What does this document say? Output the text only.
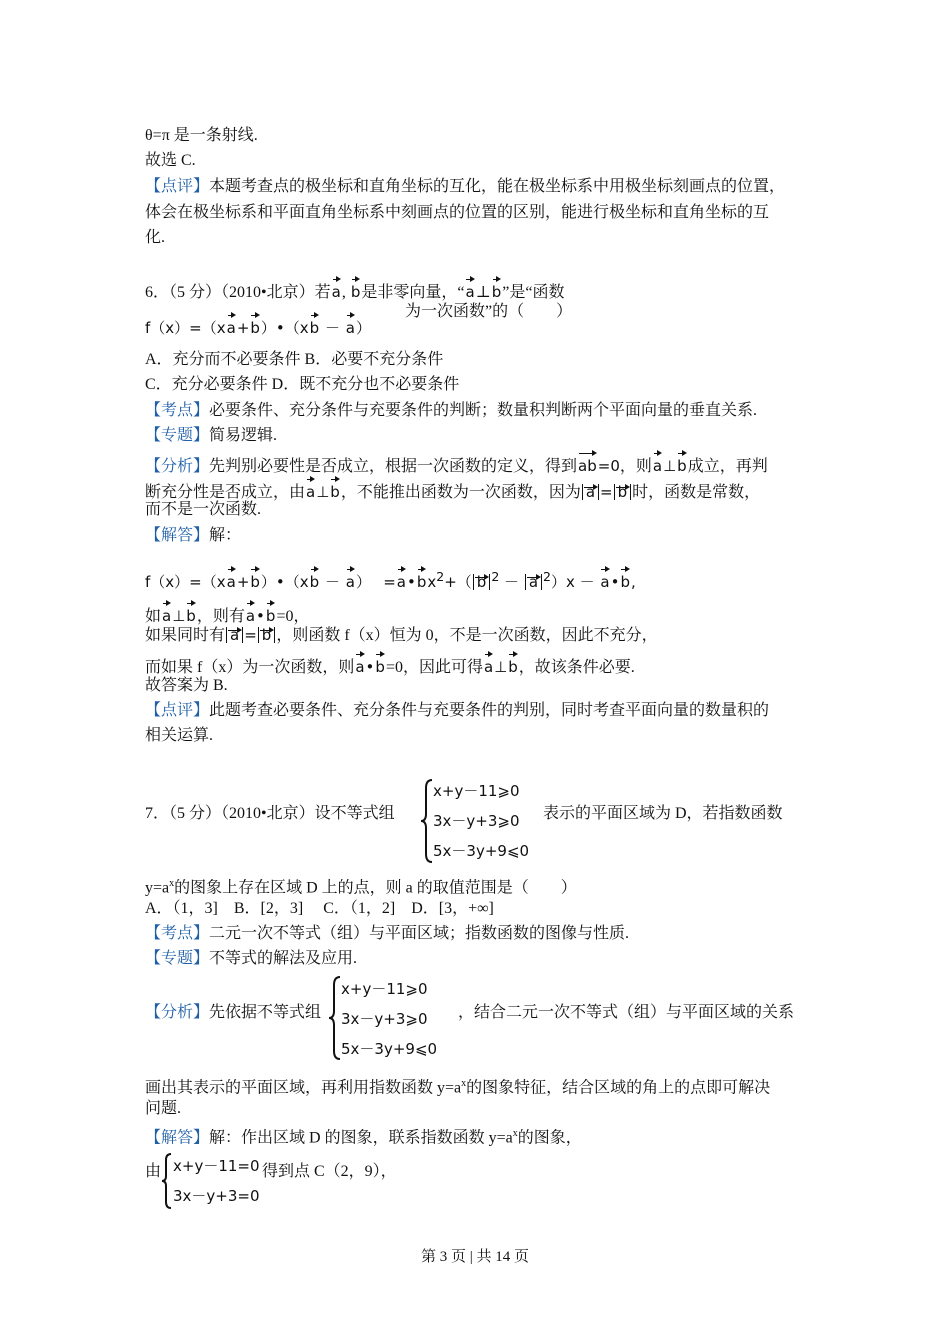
θ=π 是一条射线.
故选 C.
【点评】本题考查点的极坐标和直角坐标的互化，能在极坐标系中用极坐标刻画点的位置，
体会在极坐标系和平面直角坐标系中刻画点的位置的区别，能进行极坐标和直角坐标的互
化.
6．（5 分）（2010•北京）若a, b是非零向量，“a⊥b”是“函数
f（x）=（xa+b）•（xb － a）
为一次函数”的（　　）
A．充分而不必要条件 B．必要不充分条件
C．充分必要条件 D．既不充分也不必要条件
【考点】必要条件、充分条件与充要条件的判断；数量积判断两个平面向量的垂直关系.
【专题】简易逻辑.
【分析】先判别必要性是否成立，根据一次函数的定义，得到ab=0，则a⊥b成立，再判
断充分性是否成立，由a⊥b，不能推出函数为一次函数，因为 a = b 时，函数是常数，
而不是一次函数.
【解答】解：
f（x）=（xa+b）•（xb － a）　 $=a•bx^2+$（ b $^2$ － a $^2$）x － a•b,
如a⊥b，则有a•b=0，
如果同时有 a = b ，则函数 f（x）恒为 0，不是一次函数，因此不充分，
而如果 f（x）为一次函数，则a•b=0，因此可得a⊥b，故该条件必要.
故答案为 B.
【点评】此题考查必要条件、充分条件与充要条件的判别，同时考查平面向量的数量积的
相关运算.
7．（5 分）（2010•北京）设不等式组
x+y－11⩾0
3x－y+3⩾0
5x－3y+9⩽0
表示的平面区域为 D，若指数函数
$y=a^x$的图象上存在区域 D 上的点，则 a 的取值范围是（　　）
A．（1，3]　B．[2，3]　 C．（1，2]　D．[3，+∞]
【考点】二元一次不等式（组）与平面区域；指数函数的图像与性质.
【专题】不等式的解法及应用.
【分析】先依据不等式组
x+y－11⩾0
3x－y+3⩾0
5x－3y+9⩽0
，结合二元一次不等式（组）与平面区域的关系
画出其表示的平面区域，再利用指数函数 $y=a^x$的图象特征，结合区域的角上的点即可解决
问题.
【解答】解：作出区域 D 的图象，联系指数函数 $y=a^x$的图象，
由 x+y－11=0
3x－y+3=0
得到点 C（2，9），
第 3 页 | 共 14 页
